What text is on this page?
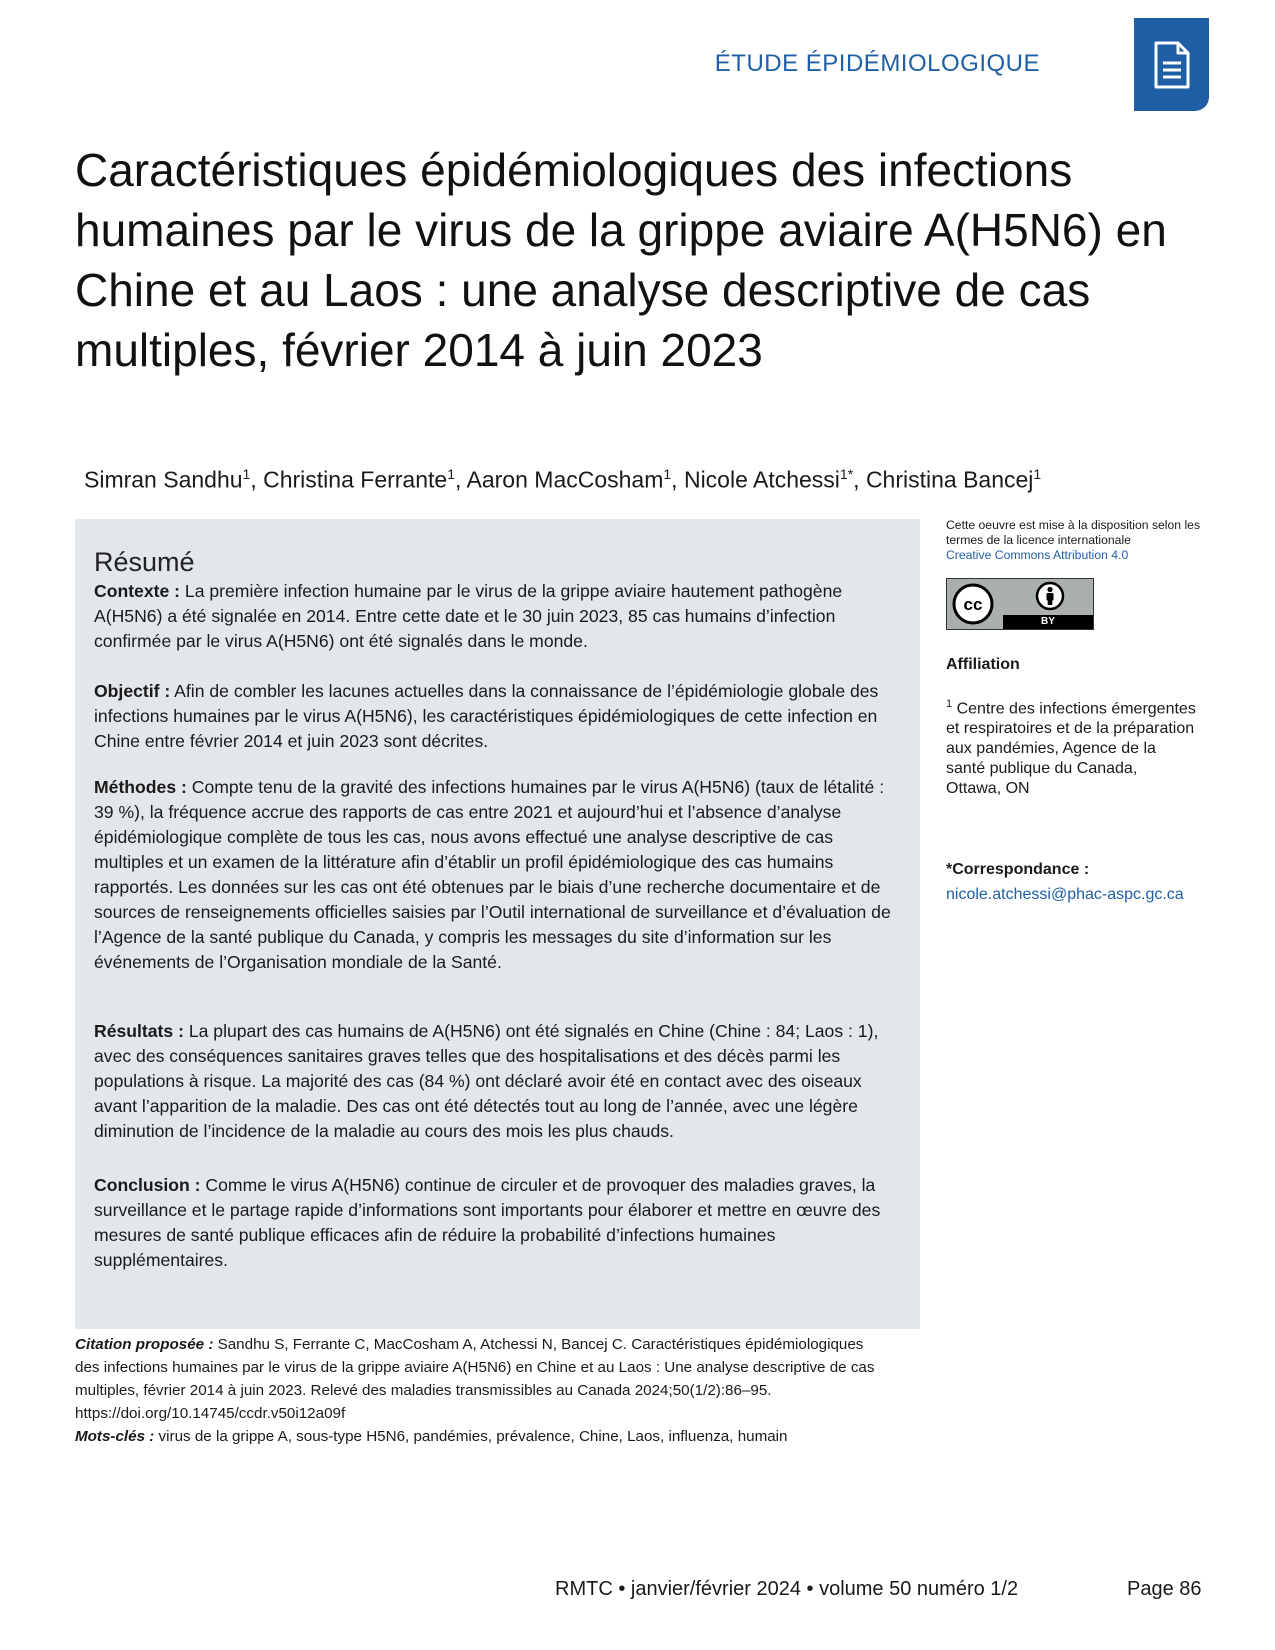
ÉTUDE ÉPIDÉMIOLOGIQUE
Caractéristiques épidémiologiques des infections humaines par le virus de la grippe aviaire A(H5N6) en Chine et au Laos : une analyse descriptive de cas multiples, février 2014 à juin 2023
Simran Sandhu$^1$, Christina Ferrante$^1$, Aaron MacCosham$^1$, Nicole Atchessi$^{1*}$, Christina Bancej$^1$
Résumé

Contexte : La première infection humaine par le virus de la grippe aviaire hautement pathogène A(H5N6) a été signalée en 2014. Entre cette date et le 30 juin 2023, 85 cas humains d’infection confirmée par le virus A(H5N6) ont été signalés dans le monde.

Objectif : Afin de combler les lacunes actuelles dans la connaissance de l’épidémiologie globale des infections humaines par le virus A(H5N6), les caractéristiques épidémiologiques de cette infection en Chine entre février 2014 et juin 2023 sont décrites.

Méthodes : Compte tenu de la gravité des infections humaines par le virus A(H5N6) (taux de létalité : 39 %), la fréquence accrue des rapports de cas entre 2021 et aujourd’hui et l’absence d’analyse épidémiologique complète de tous les cas, nous avons effectué une analyse descriptive de cas multiples et un examen de la littérature afin d’établir un profil épidémiologique des cas humains rapportés. Les données sur les cas ont été obtenues par le biais d’une recherche documentaire et de sources de renseignements officielles saisies par l’Outil international de surveillance et d’évaluation de l’Agence de la santé publique du Canada, y compris les messages du site d’information sur les événements de l’Organisation mondiale de la Santé.

Résultats : La plupart des cas humains de A(H5N6) ont été signalés en Chine (Chine : 84; Laos : 1), avec des conséquences sanitaires graves telles que des hospitalisations et des décès parmi les populations à risque. La majorité des cas (84 %) ont déclaré avoir été en contact avec des oiseaux avant l’apparition de la maladie. Des cas ont été détectés tout au long de l’année, avec une légère diminution de l’incidence de la maladie au cours des mois les plus chauds.

Conclusion : Comme le virus A(H5N6) continue de circuler et de provoquer des maladies graves, la surveillance et le partage rapide d’informations sont importants pour élaborer et mettre en œuvre des mesures de santé publique efficaces afin de réduire la probabilité d’infections humaines supplémentaires.

Citation proposée : Sandhu S, Ferrante C, MacCosham A, Atchessi N, Bancej C. Caractéristiques épidémiologiques des infections humaines par le virus de la grippe aviaire A(H5N6) en Chine et au Laos : Une analyse descriptive de cas multiples, février 2014 à juin 2023. Relevé des maladies transmissibles au Canada 2024;50(1/2):86–95. https://doi.org/10.14745/ccdr.v50i12a09f

Mots-clés : virus de la grippe A, sous-type H5N6, pandémies, prévalence, Chine, Laos, influenza, humain

Cette oeuvre est mise à la disposition selon les termes de la licence internationale
Creative Commons Attribution 4.0
cc
BY
Affiliation
$^1$ Centre des infections émergentes et respiratoires et de la préparation aux pandémies, Agence de la santé publique du Canada, Ottawa, ON
*Correspondance :
nicole.atchessi@phac-aspc.gc.ca
RMTC • janvier/février 2024 • volume 50 numéro 1/2	Page 86
